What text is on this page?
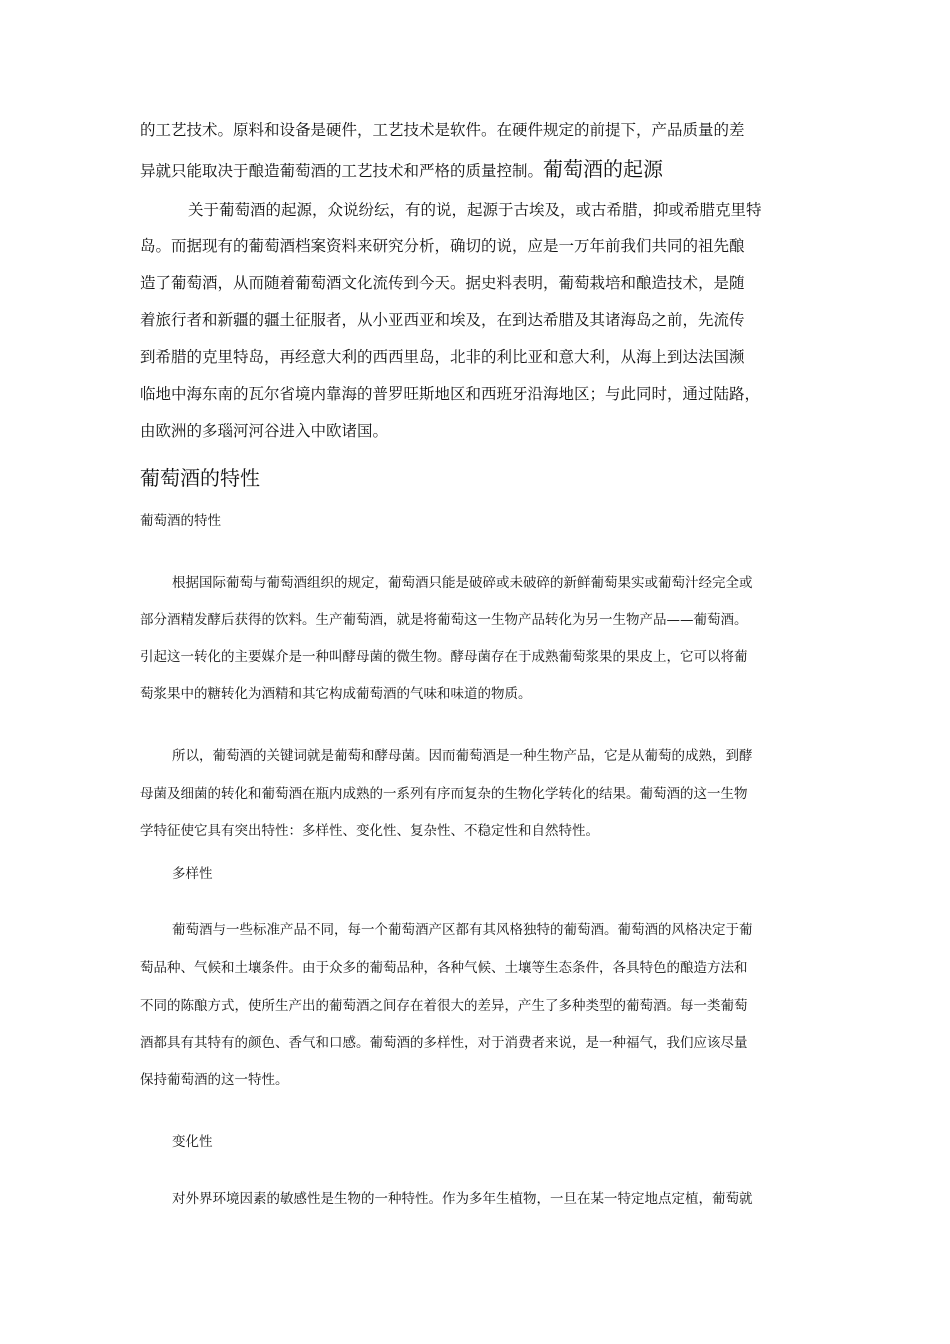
的工艺技术。原料和设备是硬件，工艺技术是软件。在硬件规定的前提下，产品质量的差
异就只能取决于酿造葡萄酒的工艺技术和严格的质量控制。葡萄酒的起源
关于葡萄酒的起源，众说纷纭，有的说，起源于古埃及，或古希腊，抑或希腊克里特
岛。而据现有的葡萄酒档案资料来研究分析，确切的说，应是一万年前我们共同的祖先酿
造了葡萄酒，从而随着葡萄酒文化流传到今天。据史料表明，葡萄栽培和酿造技术，是随
着旅行者和新疆的疆土征服者，从小亚西亚和埃及，在到达希腊及其诸海岛之前，先流传
到希腊的克里特岛，再经意大利的西西里岛，北非的利比亚和意大利，从海上到达法国濒
临地中海东南的瓦尔省境内靠海的普罗旺斯地区和西班牙沿海地区；与此同时，通过陆路，
由欧洲的多瑙河河谷进入中欧诸国。
葡萄酒的特性
葡萄酒的特性
根据国际葡萄与葡萄酒组织的规定，葡萄酒只能是破碎或未破碎的新鲜葡萄果实或葡萄汁经完全或
部分酒精发酵后获得的饮料。生产葡萄酒，就是将葡萄这一生物产品转化为另一生物产品——葡萄酒。
引起这一转化的主要媒介是一种叫酵母菌的微生物。酵母菌存在于成熟葡萄浆果的果皮上，它可以将葡
萄浆果中的糖转化为酒精和其它构成葡萄酒的气味和味道的物质。
所以，葡萄酒的关键词就是葡萄和酵母菌。因而葡萄酒是一种生物产品，它是从葡萄的成熟，到酵
母菌及细菌的转化和葡萄酒在瓶内成熟的一系列有序而复杂的生物化学转化的结果。葡萄酒的这一生物
学特征使它具有突出特性：多样性、变化性、复杂性、不稳定性和自然特性。
多样性
葡萄酒与一些标准产品不同，每一个葡萄酒产区都有其风格独特的葡萄酒。葡萄酒的风格决定于葡
萄品种、气候和土壤条件。由于众多的葡萄品种，各种气候、土壤等生态条件，各具特色的酿造方法和
不同的陈酿方式，使所生产出的葡萄酒之间存在着很大的差异，产生了多种类型的葡萄酒。每一类葡萄
酒都具有其特有的颜色、香气和口感。葡萄酒的多样性，对于消费者来说，是一种福气，我们应该尽量
保持葡萄酒的这一特性。
变化性
对外界环境因素的敏感性是生物的一种特性。作为多年生植物，一旦在某一特定地点定植，葡萄就
